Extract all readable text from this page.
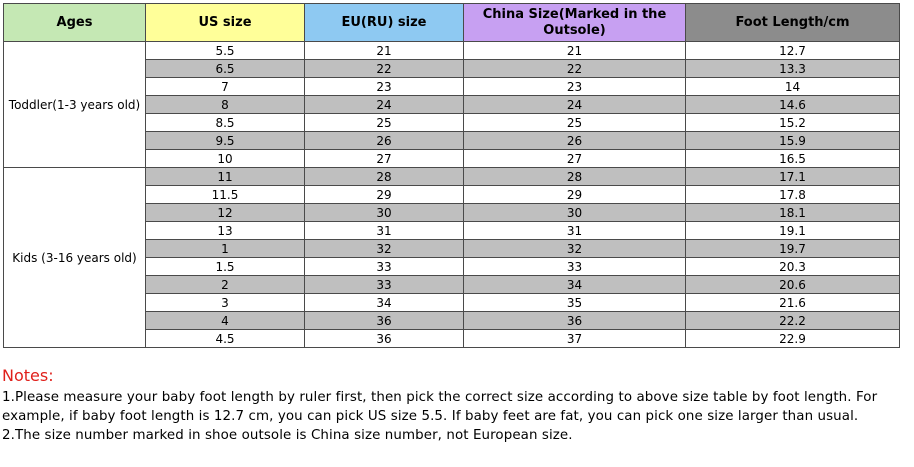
Ages	US size	EU(RU) size	China Size(Marked in the Outsole)	Foot Length/cm
Toddler(1-3 years old)	5.5	21	21	12.7
	6.5	22	22	13.3
	7	23	23	14
	8	24	24	14.6
	8.5	25	25	15.2
	9.5	26	26	15.9
	10	27	27	16.5
Kids (3-16 years old)	11	28	28	17.1
	11.5	29	29	17.8
	12	30	30	18.1
	13	31	31	19.1
	1	32	32	19.7
	1.5	33	33	20.3
	2	33	34	20.6
	3	34	35	21.6
	4	36	36	22.2
	4.5	36	37	22.9

Notes:

1.Please measure your baby foot length by ruler first, then pick the correct size according to above size table by foot length. For

example, if baby foot length is 12.7 cm, you can pick US size 5.5. If baby feet are fat, you can pick one size larger than usual.

2.The size number marked in shoe outsole is China size number, not European size.
